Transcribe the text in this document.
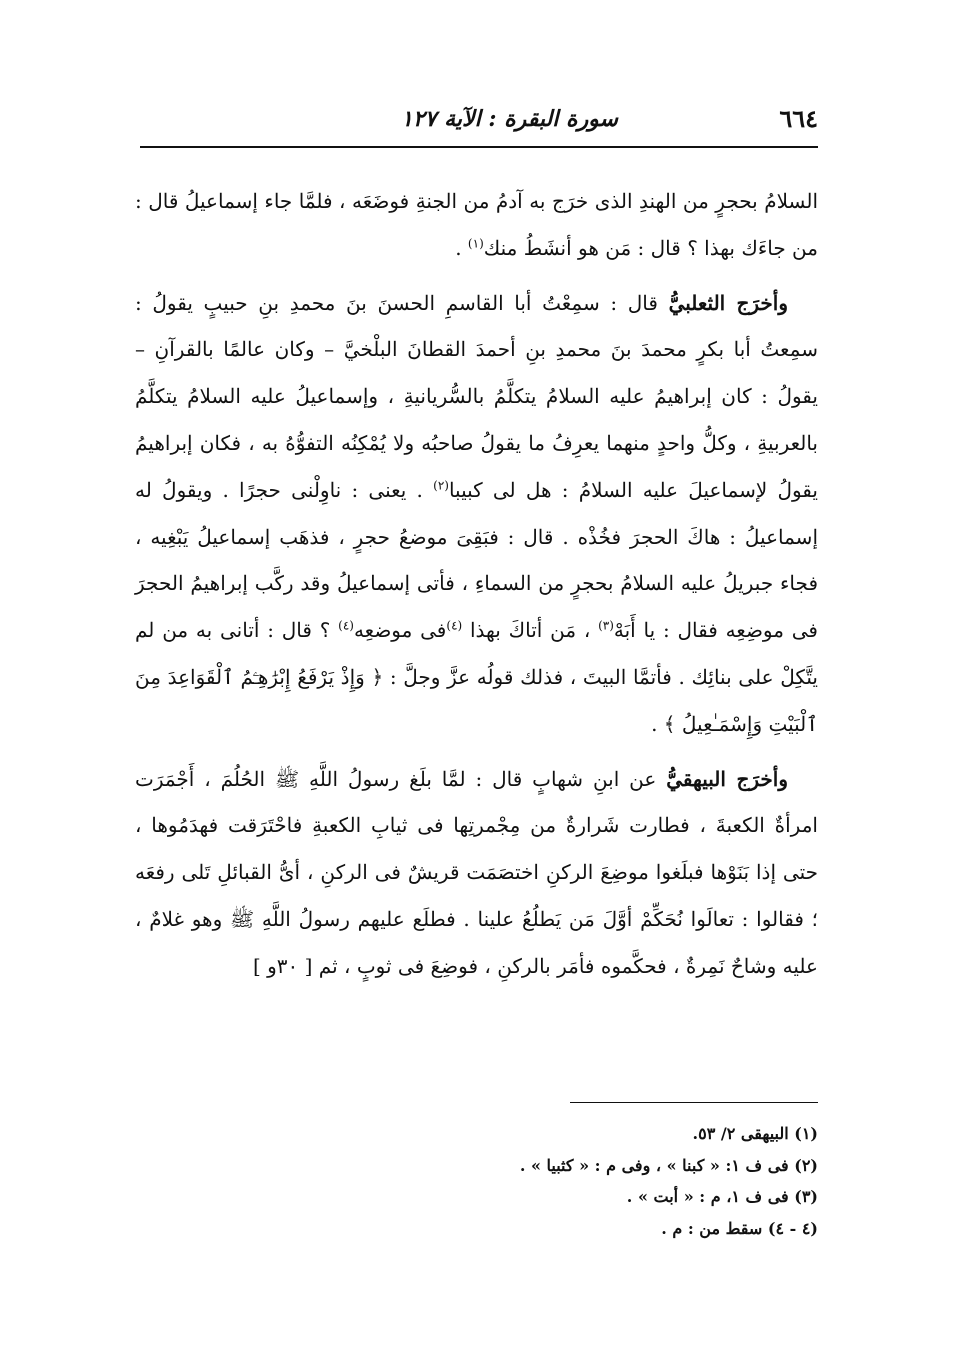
٦٦٤
سورة البقرة : الآية ١٢٧

السلامُ بحجرٍ من الهندِ الذى خرَج به آدمُ من الجنةِ فوضَعَه ، فلمَّا جاء إسماعيلُ قال : من جاءَك بهذا ؟ قال : مَن هو أنشَطُ منك$^{(١)}$ .

وأخرَج الثعلبيُّ قال : سمِعْتُ أبا القاسمِ الحسنَ بنَ محمدِ بنِ حبيبٍ يقولُ : سمِعتُ أبا بكرٍ محمدَ بنَ محمدِ بنِ أحمدَ القطانَ البلْخيَّ – وكان عالمًا بالقرآنِ – يقولُ : كان إبراهيمُ عليه السلامُ يتكلَّمُ بالسُّريانيةِ ، وإسماعيلُ عليه السلامُ يتكلَّمُ بالعربيةِ ، وكلُّ واحدٍ منهما يعرِفُ ما يقولُ صاحبُه ولا يُمْكِنُه التفوُّهُ به ، فكان إبراهيمُ يقولُ لإسماعيلَ عليه السلامُ : هل لى كبيبا$^{(٢)}$ . يعنى : ناوِلْنى حجرًا . ويقولُ له إسماعيلُ : هاكَ الحجرَ فخُذْه . قال : فبَقِىَ موضعُ حجرٍ ، فذهَب إسماعيلُ يَبْغِيه ، فجاء جبريلُ عليه السلامُ بحجرٍ من السماءِ ، فأتى إسماعيلُ وقد ركَّب إبراهيمُ الحجرَ فى موضِعِه فقال : يا أَبَهْ$^{(٣)}$ ، مَن أتاكَ بهذا $^{(٤)}$فى موضعِه$^{(٤)}$ ؟ قال : أتانى به من لم يتَّكِلْ على بنائِك . فأتمَّا البيتَ ، فذلك قولُه عزَّ وجلَّ : ﴿ وَإِذْ يَرْفَعُ إِبْرَٰهِـۧمُ ٱلْقَوَاعِدَ مِنَ ٱلْبَيْتِ وَإِسْمَـٰعِيلُ ﴾ .

وأخرَج البيهقيُّ عن ابنِ شهابٍ قال : لمَّا بلَغ رسولُ اللَّهِ ﷺ الحُلُمَ ، أَجْمَرَت امرأةٌ الكعبةَ ، فطارت شَرارةٌ من مِجْمرتِها فى ثيابِ الكعبةِ فاحْتَرَقت فهدَمُوها ، حتى إذا بَنَوْها فبلَغوا موضِعَ الركنِ اختصَمَت قريشٌ فى الركنِ ، أىُّ القبائلِ تَلى رفعَه ؛ فقالوا : تعالَوا نُحَكِّمْ أوَّلَ مَن يَطلُعُ علينا . فطلَع عليهم رسولُ اللَّهِ ﷺ وهو غلامٌ ، عليه وشاحٌ نَمِرةٌ ، فحكَّموه فأمَر بالركنِ ، فوضِعَ فى ثوبٍ ، ثم [ ٣٠و ]

(١) البيهقى ٢/ ٥٣.
(٢) فى ف ١: « كبنا » ، وفى م : « كثبيا » .
(٣) فى ف ١، م : « أبت » .
(٤ - ٤) سقط من : م .
